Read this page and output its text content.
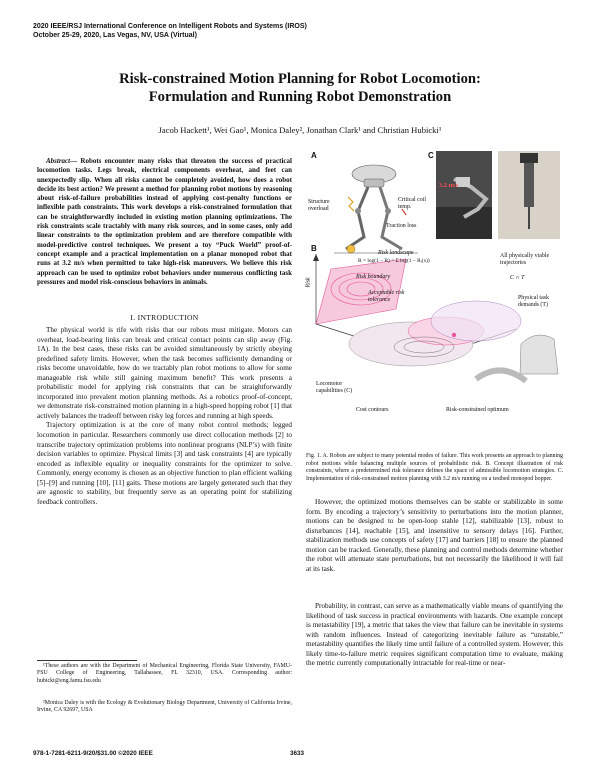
2020 IEEE/RSJ International Conference on Intelligent Robots and Systems (IROS)
October 25-29, 2020, Las Vegas, NV, USA (Virtual)
Risk-constrained Motion Planning for Robot Locomotion:
Formulation and Running Robot Demonstration
Jacob Hackett¹, Wei Gao¹, Monica Daley², Jonathan Clark¹ and Christian Hubicki¹
Abstract— Robots encounter many risks that threaten the success of practical locomotion tasks. Legs break, electrical components overheat, and feet can unexpectedly slip. When all risks cannot be completely avoided, how does a robot decide its best action? We present a method for planning robot motions by reasoning about risk-of-failure probabilities instead of applying cost-penalty functions or inflexible path constraints. This work develops a risk-constrained formulation that can be straightforwardly included in existing motion planning optimizations. The risk constraints scale tractably with many risk sources, and in some cases, only add linear constraints to the optimization problem and are therefore compatible with model-predictive control techniques. We present a toy “Puck World” proof-of-concept example and a practical implementation on a planar monopod robot that runs at 3.2 m/s when permitted to take high-risk maneuvers. We believe this risk approach can be used to optimize robot behaviors under numerous conflicting task pressures and model risk-conscious behaviors in animals.
I. INTRODUCTION
The physical world is rife with risks that our robots must mitigate. Motors can overheat, load-bearing links can break and critical contact points can slip away (Fig. 1A). In the best cases, these risks can be avoided simultaneously by strictly obeying predefined safety limits. However, when the task becomes sufficiently demanding or risks become unavoidable, how do we tractably plan robot motions to allow for some manageable risk while still gaining maximum benefit? This work presents a probabilistic model for applying risk constraints that can be straightforwardly incorporated into prevalent motion planning methods. As a robotics proof-of-concept, we demonstrate risk-constrained motion planning in a high-speed hopping robot [1] that actively balances the tradeoff between risky leg forces and running at high speeds.
Trajectory optimization is at the core of many robot control methods; legged locomotion in particular. Researchers commonly use direct collocation methods [2] to transcribe trajectory optimization problems into nonlinear programs (NLP’s) with finite decision variables to optimize. Physical limits [3] and task constraints [4] are typically encoded as inflexible equality or inequality constraints for the optimizer to solve. Commonly, energy economy is chosen as an objective function to plan efficient walking [5]–[9] and running [10], [11] gaits. These motions are largely generated such that they are agnostic to stability, but frequently serve as an operating point for stabilizing feedback controllers.
¹These authors are with the Department of Mechanical Engineering, Florida State University, FAMU-FSU College of Engineering, Tallahassee, FL 32310, USA. Corresponding author: hubicki@eng.famu.fsu.edu
²Monica Daley is with the Ecology & Evolutionary Biology Department, University of California Irvine, Irvine, CA 92697, USA
A	C
B
Structure overload
Critical coil temp.
Traction loss
3.2 m/s
Risk landscape
R = log(1 − R) = Σ log(1 − Rᵢ(x))
Risk boundary
Acceptable risk tolerance
All physically viable trajectories
C ∩ T
Physical task demands (T)
Locomotor capabilities (C)
Cost contours	Risk-constrained optimum
Risk
Fig. 1. A. Robots are subject to many potential modes of failure. This work presents an approach to planning robot motions while balancing multiple sources of probabilistic risk. B. Concept illustration of risk constraints, where a predetermined risk tolerance defines the space of admissible locomotion strategies. C. Implementation of risk-constrained motion planning with 3.2 m/s running on a testbed monopod hopper.
However, the optimized motions themselves can be stable or stabilizable in some form. By encoding a trajectory’s sensitivity to perturbations into the motion planner, motions can be designed to be open-loop stable [12], stabilizable [13], robust to disturbances [14], reachable [15], and insensitive to sensory delays [16]. Further, stabilization methods use concepts of safety [17] and barriers [18] to ensure the planned motion can be tracked. Generally, these planning and control methods determine whether the robot will attenuate state perturbations, but not necessarily the likelihood it will fail at its task.
Probability, in contrast, can serve as a mathematically viable means of quantifying the likelihood of task success in practical environments with hazards. One example concept is metastability [19], a metric that takes the view that failure can be inevitable in systems with random influences. Instead of categorizing inevitable failure as “unstable,” metastability quantifies the likely time until failure of a controlled system. However, this likely time-to-failure metric requires significant computation time to evaluate, making the metric currently computationally intractable for real-time or near-
978-1-7281-6211-9/20/$31.00 ©2020 IEEE	3633
